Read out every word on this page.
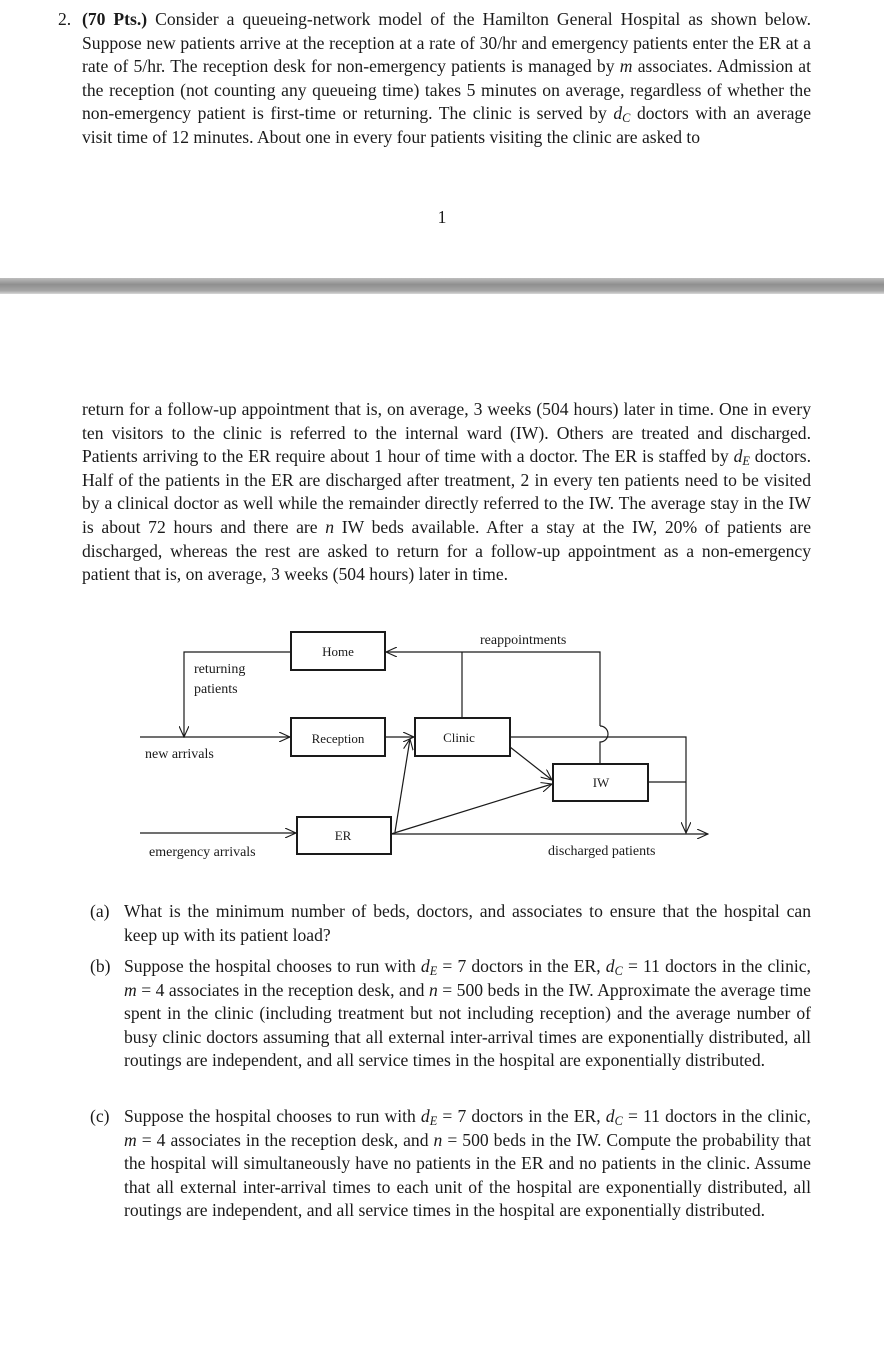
2. (70 Pts.) Consider a queueing-network model of the Hamilton General Hospital as shown below. Suppose new patients arrive at the reception at a rate of 30/hr and emergency patients enter the ER at a rate of 5/hr. The reception desk for non-emergency patients is managed by m associates. Admission at the reception (not counting any queueing time) takes 5 minutes on average, regardless of whether the non-emergency patient is first-time or returning. The clinic is served by $d_C$ doctors with an average visit time of 12 minutes. About one in every four patients visiting the clinic are asked to

1

return for a follow-up appointment that is, on average, 3 weeks (504 hours) later in time. One in every ten visitors to the clinic is referred to the internal ward (IW). Others are treated and discharged. Patients arriving to the ER require about 1 hour of time with a doctor. The ER is staffed by $d_E$ doctors. Half of the patients in the ER are discharged after treatment, 2 in every ten patients need to be visited by a clinical doctor as well while the remainder directly referred to the IW. The average stay in the IW is about 72 hours and there are n IW beds available. After a stay at the IW, 20% of patients are discharged, whereas the rest are asked to return for a follow-up appointment as a non-emergency patient that is, on average, 3 weeks (504 hours) later in time.

Home
Reception	Clinic
IW
ER
reappointments
returning
patients
new arrivals
emergency arrivals	discharged patients
(a) What is the minimum number of beds, doctors, and associates to ensure that the hospital can keep up with its patient load?
(b) Suppose the hospital chooses to run with $d_E = 7$ doctors in the ER, $d_C = 11$ doctors in the clinic, m = 4 associates in the reception desk, and n = 500 beds in the IW. Approximate the average time spent in the clinic (including treatment but not including reception) and the average number of busy clinic doctors assuming that all external inter-arrival times are exponentially distributed, all routings are independent, and all service times in the hospital are exponentially distributed.
(c) Suppose the hospital chooses to run with $d_E = 7$ doctors in the ER, $d_C = 11$ doctors in the clinic, m = 4 associates in the reception desk, and n = 500 beds in the IW. Compute the probability that the hospital will simultaneously have no patients in the ER and no patients in the clinic. Assume that all external inter-arrival times to each unit of the hospital are exponentially distributed, all routings are independent, and all service times in the hospital are exponentially distributed.
